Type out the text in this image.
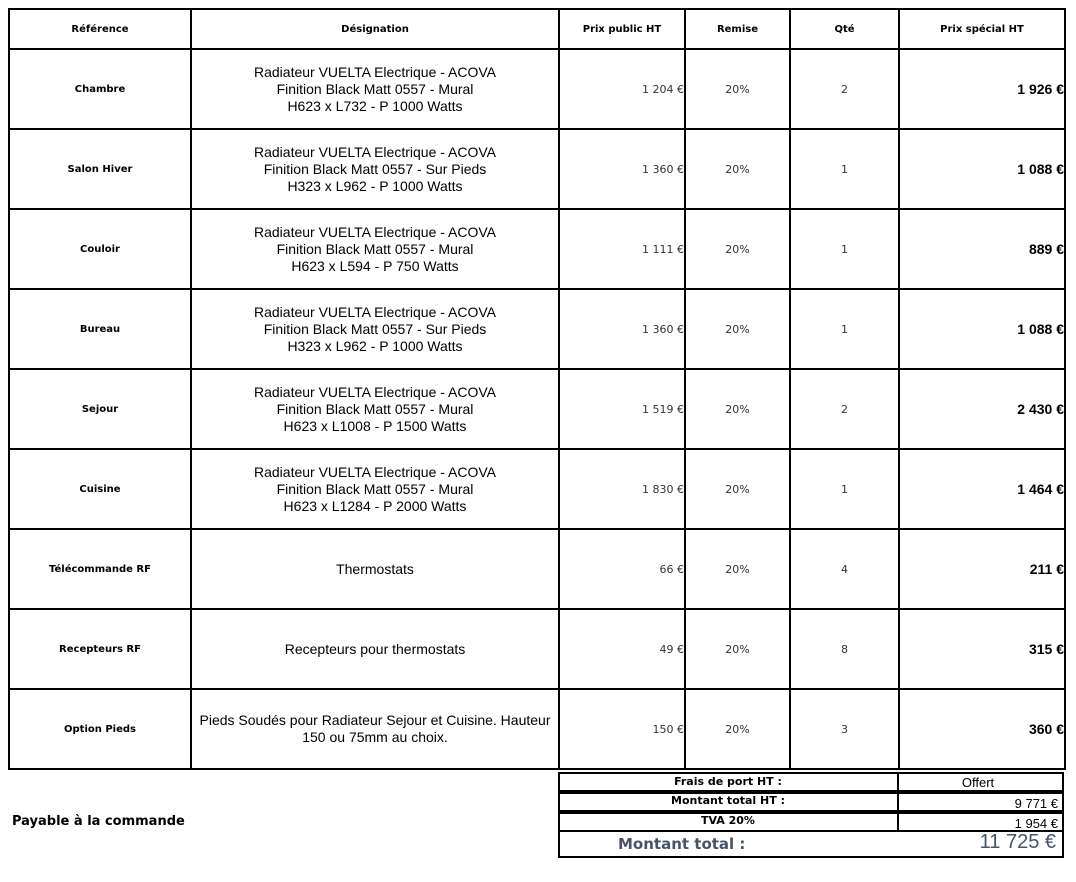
Référence	Désignation	Prix public HT	Remise	Qté	Prix spécial HT
Chambre	Radiateur VUELTA Electrique - ACOVA
Finition Black Matt 0557 - Mural
H623 x L732 - P 1000 Watts	1 204 €	20%	2	1 926 €
Salon Hiver	Radiateur VUELTA Electrique - ACOVA
Finition Black Matt 0557 - Sur Pieds
H323 x L962 - P 1000 Watts	1 360 €	20%	1	1 088 €
Couloir	Radiateur VUELTA Electrique - ACOVA
Finition Black Matt 0557 - Mural
H623 x L594 - P 750 Watts	1 111 €	20%	1	889 €
Bureau	Radiateur VUELTA Electrique - ACOVA
Finition Black Matt 0557 - Sur Pieds
H323 x L962 - P 1000 Watts	1 360 €	20%	1	1 088 €
Sejour	Radiateur VUELTA Electrique - ACOVA
Finition Black Matt 0557 - Mural
H623 x L1008 - P 1500 Watts	1 519 €	20%	2	2 430 €
Cuisine	Radiateur VUELTA Electrique - ACOVA
Finition Black Matt 0557 - Mural
H623 x L1284 - P 2000 Watts	1 830 €	20%	1	1 464 €
Télécommande RF	Thermostats	66 €	20%	4	211 €
Recepteurs RF	Recepteurs pour thermostats	49 €	20%	8	315 €
Option Pieds	Pieds Soudés pour Radiateur Sejour et Cuisine. Hauteur
150 ou 75mm au choix.	150 €	20%	3	360 €
Payable à la commande
Frais de port HT :	Offert
Montant total HT :	9 771 €
TVA 20%	1 954 €
Montant total :	11 725 €
